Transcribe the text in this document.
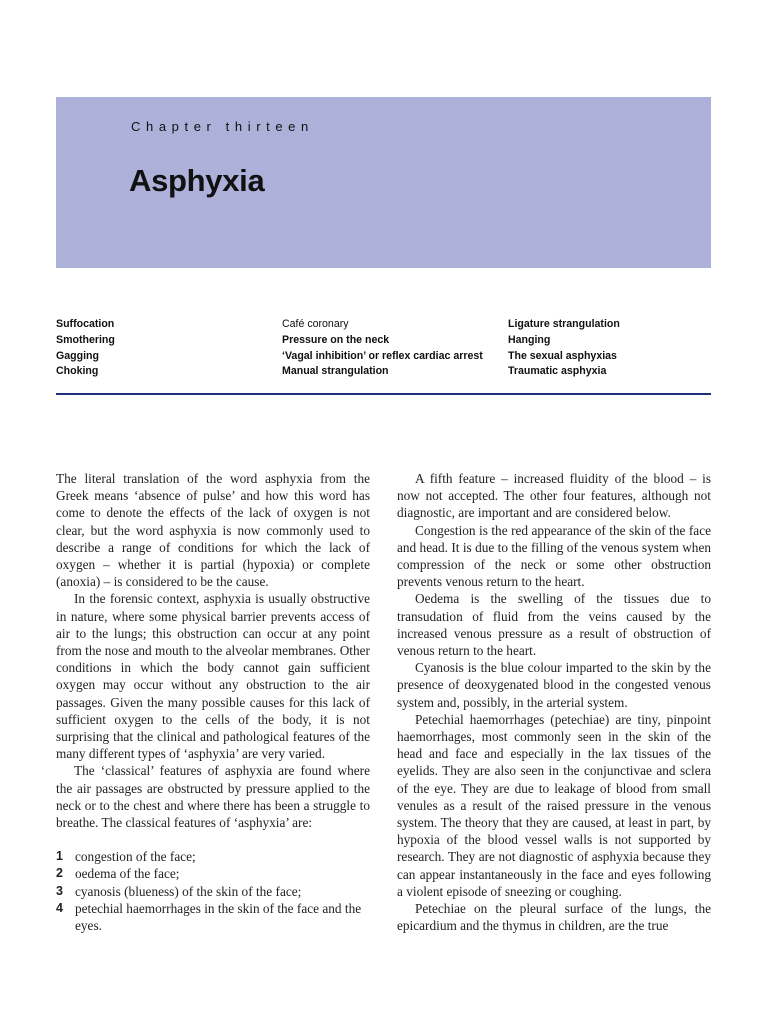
Chapter thirteen
Asphyxia
Suffocation
Smothering
Gagging
Choking
Café coronary
Pressure on the neck
‘Vagal inhibition’ or reflex cardiac arrest
Manual strangulation
Ligature strangulation
Hanging
The sexual asphyxias
Traumatic asphyxia

The literal translation of the word asphyxia from the Greek means ‘absence of pulse’ and how this word has come to denote the effects of the lack of oxygen is not clear, but the word asphyxia is now commonly used to describe a range of conditions for which the lack of oxygen – whether it is partial (hypoxia) or complete (anoxia) – is considered to be the cause.

In the forensic context, asphyxia is usually obstructive in nature, where some physical barrier prevents access of air to the lungs; this obstruction can occur at any point from the nose and mouth to the alveolar membranes. Other conditions in which the body cannot gain sufficient oxygen may occur without any obstruction to the air passages. Given the many possible causes for this lack of sufficient oxygen to the cells of the body, it is not surprising that the clinical and pathological features of the many different types of ‘asphyxia’ are very varied.

The ‘classical’ features of asphyxia are found where the air passages are obstructed by pressure applied to the neck or to the chest and where there has been a struggle to breathe. The classical features of ‘asphyxia’ are:

1 congestion of the face;
2 oedema of the face;
3 cyanosis (blueness) of the skin of the face;
4 petechial haemorrhages in the skin of the face and the eyes.

A fifth feature – increased fluidity of the blood – is now not accepted. The other four features, although not diagnostic, are important and are considered below.

Congestion is the red appearance of the skin of the face and head. It is due to the filling of the venous system when compression of the neck or some other obstruction prevents venous return to the heart.

Oedema is the swelling of the tissues due to transudation of fluid from the veins caused by the increased venous pressure as a result of obstruction of venous return to the heart.

Cyanosis is the blue colour imparted to the skin by the presence of deoxygenated blood in the congested venous system and, possibly, in the arterial system.

Petechial haemorrhages (petechiae) are tiny, pinpoint haemorrhages, most commonly seen in the skin of the head and face and especially in the lax tissues of the eyelids. They are also seen in the conjunctivae and sclera of the eye. They are due to leakage of blood from small venules as a result of the raised pressure in the venous system. The theory that they are caused, at least in part, by hypoxia of the blood vessel walls is not supported by research. They are not diagnostic of asphyxia because they can appear instantaneously in the face and eyes following a violent episode of sneezing or coughing.

Petechiae on the pleural surface of the lungs, the epicardium and the thymus in children, are the true
